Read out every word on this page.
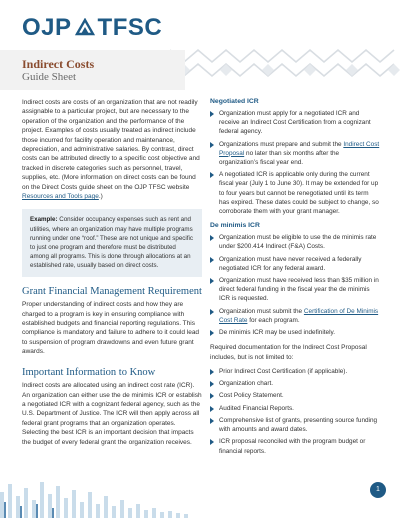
OJP TFSC
Indirect Costs
Guide Sheet

Indirect costs are costs of an organization that are not readily assignable to a particular project, but are necessary to the operation of the organization and the performance of the project. Examples of costs usually treated as indirect include those incurred for facility operation and maintenance, depreciation, and administrative salaries. By contrast, direct costs can be attributed directly to a specific cost objective and tracked in discrete categories such as personnel, travel, supplies, etc. (More information on direct costs can be found on the Direct Costs guide sheet on the OJP TFSC website Resources and Tools page.)

Example: Consider occupancy expenses such as rent and utilities, where an organization may have multiple programs running under one “roof.” These are not unique and specific to just one program and therefore must be distributed among all programs. This is done through allocations at an established rate, usually based on direct costs.
Grant Financial Management Requirement

Proper understanding of indirect costs and how they are charged to a program is key in ensuring compliance with established budgets and financial reporting regulations. This compliance is mandatory and failure to adhere to it could lead to suspension of program drawdowns and even future grant awards.

Important Information to Know

Indirect costs are allocated using an indirect cost rate (ICR). An organization can either use the de minimis ICR or establish a negotiated ICR with a cognizant federal agency, such as the U.S. Department of Justice. The ICR will then apply across all federal grant programs that an organization operates. Selecting the best ICR is an important decision that impacts the budget of every federal grant the organization receives.

Negotiated ICR
Organization must apply for a negotiated ICR and receive an Indirect Cost Certification from a cognizant federal agency.
Organizations must prepare and submit the Indirect Cost Proposal no later than six months after the organization’s fiscal year end.
A negotiated ICR is applicable only during the current fiscal year (July 1 to June 30). It may be extended for up to four years but cannot be renegotiated until its term has expired. These dates could be subject to change, so corroborate them with your grant manager.
De minimis ICR
Organization must be eligible to use the de minimis rate under $200.414 Indirect (F&A) Costs.
Organization must have never received a federally negotiated ICR for any federal award.
Organization must have received less than $35 million in direct federal funding in the fiscal year the de minimis ICR is requested.
Organization must submit the Certification of De Minimis Cost Rate for each program.
De minimis ICR may be used indefinitely.

Required documentation for the Indirect Cost Proposal includes, but is not limited to:

Prior Indirect Cost Certification (if applicable).
Organization chart.
Cost Policy Statement.
Audited Financial Reports.
Comprehensive list of grants, presenting source funding with amounts and award dates.
ICR proposal reconciled with the program budget or financial reports.
1
